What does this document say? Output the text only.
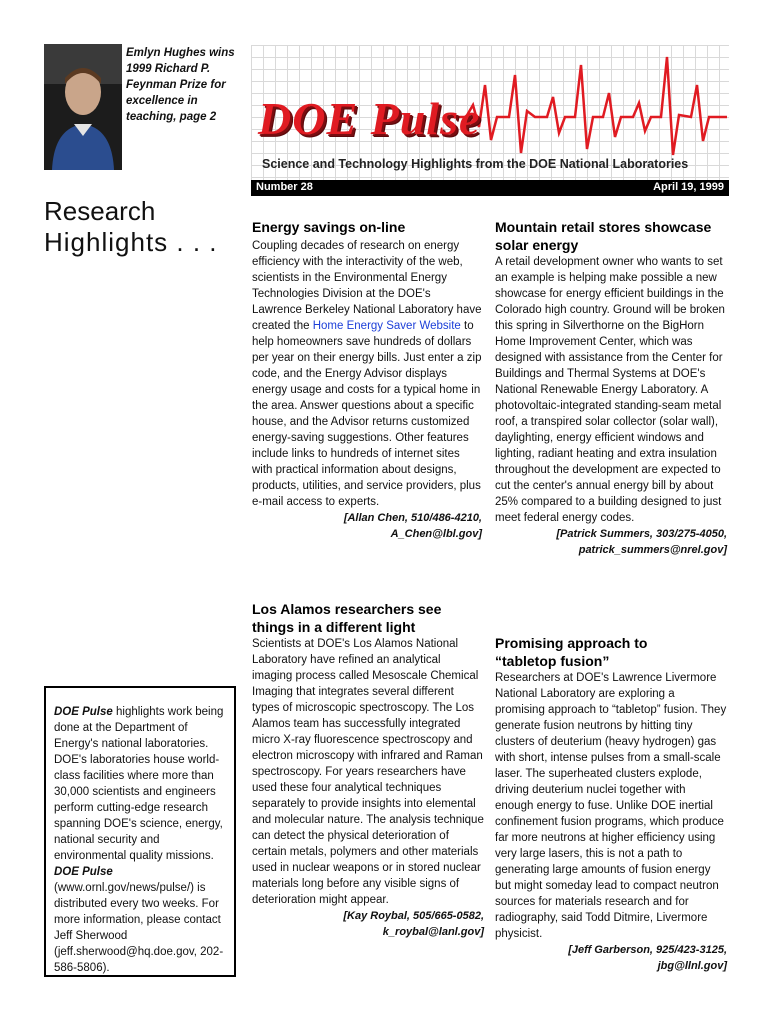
Emlyn Hughes wins 1999 Richard P. Feynman Prize for excellence in teaching, page 2 DOE Pulse
Science and Technology Highlights from the DOE National Laboratories
Number 28	April 19, 1999
Research
Highlights . . .
DOE Pulse highlights work being done at the Department of Energy's national laboratories. DOE's laboratories house world-class facilities where more than 30,000 scientists and engineers perform cutting-edge research spanning DOE's science, energy, national security and environmental quality missions. DOE Pulse (www.ornl.gov/news/pulse/) is distributed every two weeks. For more information, please contact Jeff Sherwood (jeff.sherwood@hq.doe.gov, 202-586-5806).
Energy savings on-line
Coupling decades of research on energy efficiency with the interactivity of the web, scientists in the Environmental Energy Technologies Division at the DOE's Lawrence Berkeley National Laboratory have created the Home Energy Saver Website to help homeowners save hundreds of dollars per year on their energy bills. Just enter a zip code, and the Energy Advisor displays energy usage and costs for a typical home in the area. Answer questions about a specific house, and the Advisor returns customized energy-saving suggestions. Other features include links to hundreds of internet sites with practical information about designs, products, utilities, and service providers, plus e-mail access to experts.
[Allan Chen, 510/486-4210,
A_Chen@lbl.gov]
Los Alamos researchers see
things in a different light
Scientists at DOE's Los Alamos National Laboratory have refined an analytical imaging process called Mesoscale Chemical Imaging that integrates several different types of microscopic spectroscopy. The Los Alamos team has successfully integrated micro X-ray fluorescence spectroscopy and electron microscopy with infrared and Raman spectroscopy. For years researchers have used these four analytical techniques separately to provide insights into elemental and molecular nature. The analysis technique can detect the physical deterioration of certain metals, polymers and other materials used in nuclear weapons or in stored nuclear materials long before any visible signs of deterioration might appear.
[Kay Roybal, 505/665-0582,
k_roybal@lanl.gov]
Mountain retail stores showcase
solar energy
A retail development owner who wants to set an example is helping make possible a new showcase for energy efficient buildings in the Colorado high country. Ground will be broken this spring in Silverthorne on the BigHorn Home Improvement Center, which was designed with assistance from the Center for Buildings and Thermal Systems at DOE's National Renewable Energy Laboratory. A photovoltaic-integrated standing-seam metal roof, a transpired solar collector (solar wall), daylighting, energy efficient windows and lighting, radiant heating and extra insulation throughout the development are expected to cut the center's annual energy bill by about 25% compared to a building designed to just meet federal energy codes.
[Patrick Summers, 303/275-4050,
patrick_summers@nrel.gov]
Promising approach to
“tabletop fusion”
Researchers at DOE's Lawrence Livermore National Laboratory are exploring a promising approach to “tabletop” fusion. They generate fusion neutrons by hitting tiny clusters of deuterium (heavy hydrogen) gas with short, intense pulses from a small-scale laser. The superheated clusters explode, driving deuterium nuclei together with enough energy to fuse. Unlike DOE inertial confinement fusion programs, which produce far more neutrons at higher efficiency using very large lasers, this is not a path to generating large amounts of fusion energy but might someday lead to compact neutron sources for materials research and for radiography, said Todd Ditmire, Livermore physicist.
[Jeff Garberson, 925/423-3125,
jbg@llnl.gov]
